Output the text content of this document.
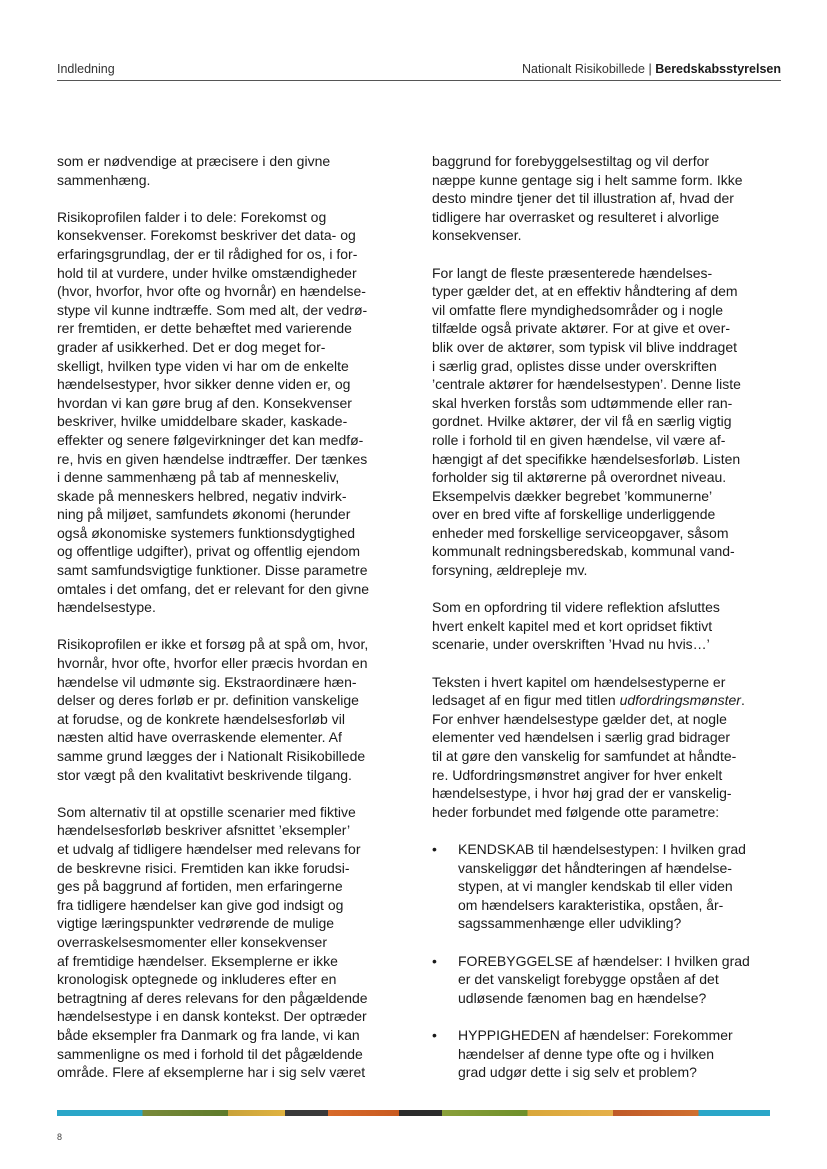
Indledning	Nationalt Risikobillede | Beredskabsstyrelsen

som er nødvendige at præcisere i den givne
sammenhæng.

Risikoprofilen falder i to dele: Forekomst og
konsekvenser. Forekomst beskriver det data- og
erfaringsgrundlag, der er til rådighed for os, i for-
hold til at vurdere, under hvilke omstændigheder
(hvor, hvorfor, hvor ofte og hvornår) en hændelse-
stype vil kunne indtræffe. Som med alt, der vedrø-
rer fremtiden, er dette behæftet med varierende
grader af usikkerhed. Det er dog meget for-
skelligt, hvilken type viden vi har om de enkelte
hændelsestyper, hvor sikker denne viden er, og
hvordan vi kan gøre brug af den. Konsekvenser
beskriver, hvilke umiddelbare skader, kaskade-
effekter og senere følgevirkninger det kan medfø-
re, hvis en given hændelse indtræffer. Der tænkes
i denne sammenhæng på tab af menneskeliv,
skade på menneskers helbred, negativ indvirk-
ning på miljøet, samfundets økonomi (herunder
også økonomiske systemers funktionsdygtighed
og offentlige udgifter), privat og offentlig ejendom
samt samfundsvigtige funktioner. Disse parametre
omtales i det omfang, det er relevant for den givne
hændelsestype.

Risikoprofilen er ikke et forsøg på at spå om, hvor,
hvornår, hvor ofte, hvorfor eller præcis hvordan en
hændelse vil udmønte sig. Ekstraordinære hæn-
delser og deres forløb er pr. definition vanskelige
at forudse, og de konkrete hændelsesforløb vil
næsten altid have overraskende elementer. Af
samme grund lægges der i Nationalt Risikobillede
stor vægt på den kvalitativt beskrivende tilgang.

Som alternativ til at opstille scenarier med fiktive
hændelsesforløb beskriver afsnittet ’eksempler’
et udvalg af tidligere hændelser med relevans for
de beskrevne risici. Fremtiden kan ikke forudsi-
ges på baggrund af fortiden, men erfaringerne
fra tidligere hændelser kan give god indsigt og
vigtige læringspunkter vedrørende de mulige
overraskelsesmomenter eller konsekvenser
af fremtidige hændelser. Eksemplerne er ikke
kronologisk optegnede og inkluderes efter en
betragtning af deres relevans for den pågældende
hændelsestype i en dansk kontekst. Der optræder
både eksempler fra Danmark og fra lande, vi kan
sammenligne os med i forhold til det pågældende
område. Flere af eksemplerne har i sig selv været

baggrund for forebyggelsestiltag og vil derfor
næppe kunne gentage sig i helt samme form. Ikke
desto mindre tjener det til illustration af, hvad der
tidligere har overrasket og resulteret i alvorlige
konsekvenser.

For langt de fleste præsenterede hændelses-
typer gælder det, at en effektiv håndtering af dem
vil omfatte flere myndighedsområder og i nogle
tilfælde også private aktører. For at give et over-
blik over de aktører, som typisk vil blive inddraget
i særlig grad, oplistes disse under overskriften
’centrale aktører for hændelsestypen’. Denne liste
skal hverken forstås som udtømmende eller ran-
gordnet. Hvilke aktører, der vil få en særlig vigtig
rolle i forhold til en given hændelse, vil være af-
hængigt af det specifikke hændelsesforløb. Listen
forholder sig til aktørerne på overordnet niveau.
Eksempelvis dækker begrebet ’kommunerne’
over en bred vifte af forskellige underliggende
enheder med forskellige serviceopgaver, såsom
kommunalt redningsberedskab, kommunal vand-
forsyning, ældrepleje mv.

Som en opfordring til videre reflektion afsluttes
hvert enkelt kapitel med et kort opridset fiktivt
scenarie, under overskriften ’Hvad nu hvis…’

Teksten i hvert kapitel om hændelsestyperne er
ledsaget af en figur med titlen udfordringsmønster.
For enhver hændelsestype gælder det, at nogle
elementer ved hændelsen i særlig grad bidrager
til at gøre den vanskelig for samfundet at håndte-
re. Udfordringsmønstret angiver for hver enkelt
hændelsestype, i hvor høj grad der er vanskelig-
heder forbundet med følgende otte parametre:

• KENDSKAB til hændelsestypen: I hvilken grad
vanskeliggør det håndteringen af hændelse-
stypen, at vi mangler kendskab til eller viden
om hændelsers karakteristika, opståen, år-
sagssammenhænge eller udvikling?
• FOREBYGGELSE af hændelser: I hvilken grad
er det vanskeligt forebygge opståen af det
udløsende fænomen bag en hændelse?
• HYPPIGHEDEN af hændelser: Forekommer
hændelser af denne type ofte og i hvilken
grad udgør dette i sig selv et problem?
8
